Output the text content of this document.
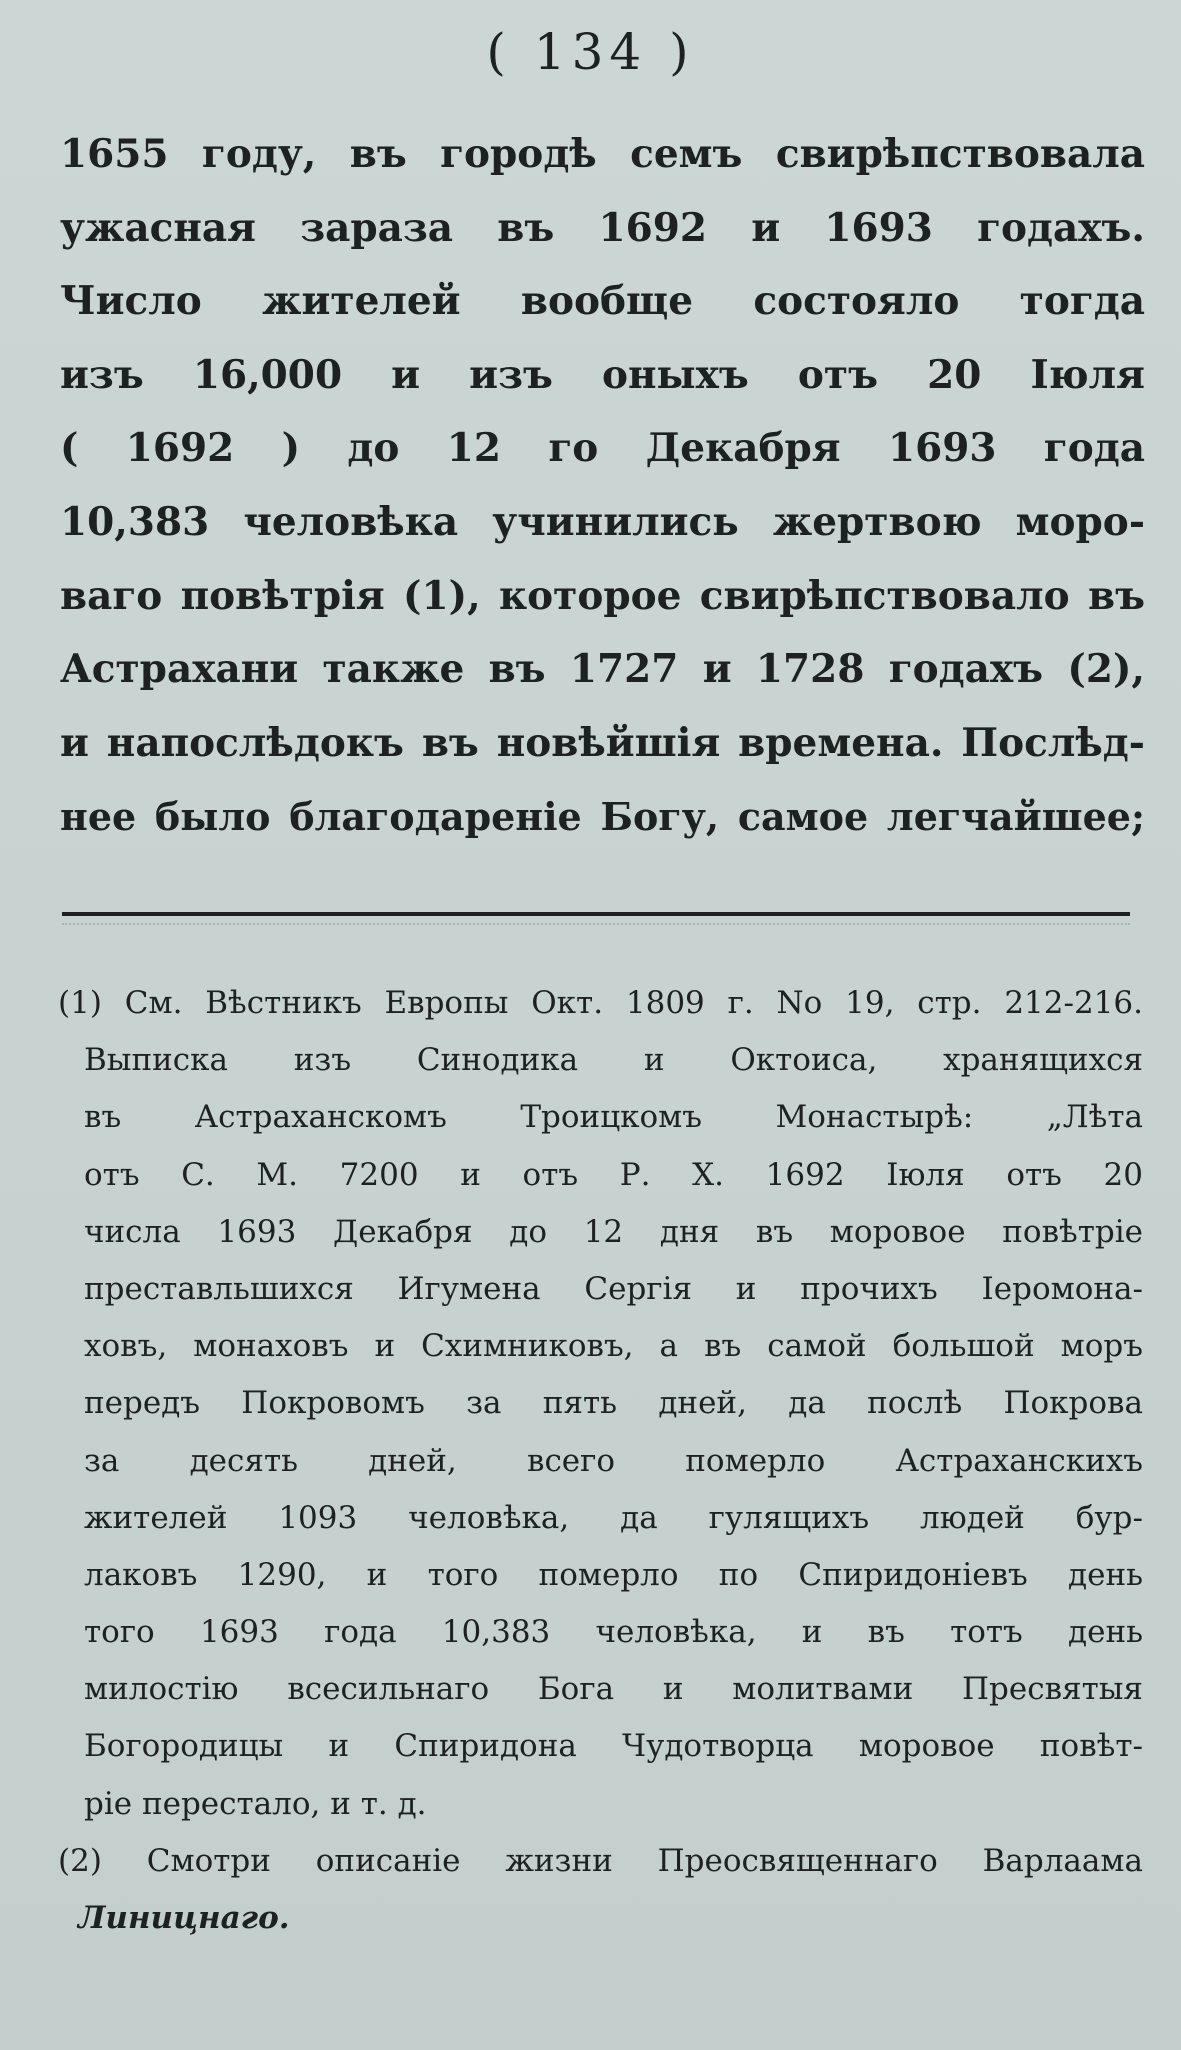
( 134 )
1655 году, въ городѣ семъ свирѣпствовала
ужасная зараза въ 1692 и 1693 годахъ.
Число жителей вообще состояло тогда
изъ 16,000 и изъ оныхъ отъ 20 Іюля
( 1692 ) до 12 го Декабря 1693 года
10,383 человѣка учинились жертвою моро-
ваго повѣтрія (1), которое свирѣпствовало въ
Астрахани также въ 1727 и 1728 годахъ (2),
и напослѣдокъ въ новѣйшія времена. Послѣд-
нее было благодареніе Богу, самое легчайшее;
(1) См. Вѣстникъ Европы Окт. 1809 г. No 19, стр. 212-216.
Выписка изъ Синодика и Октоиса, хранящихся
въ Астраханскомъ Троицкомъ Монастырѣ: „Лѣта
отъ С. М. 7200 и отъ Р. Х. 1692 Іюля отъ 20
числа 1693 Декабря до 12 дня въ моровое повѣтріе
преставльшихся Игумена Сергія и прочихъ Іеромона-
ховъ, монаховъ и Схимниковъ, а въ самой большой моръ
передъ Покровомъ за пять дней, да послѣ Покрова
за десять дней, всего померло Астраханскихъ
жителей 1093 человѣка, да гулящихъ людей бур-
лаковъ 1290, и того померло по Спиридоніевъ день
того 1693 года 10,383 человѣка, и въ тотъ день
милостію всесильнаго Бога и молитвами Пресвятыя
Богородицы и Спиридона Чудотворца моровое повѣт-
ріе перестало, и т. д.
(2) Смотри описаніе жизни Преосвященнаго Варлаама
Линицнаго.
